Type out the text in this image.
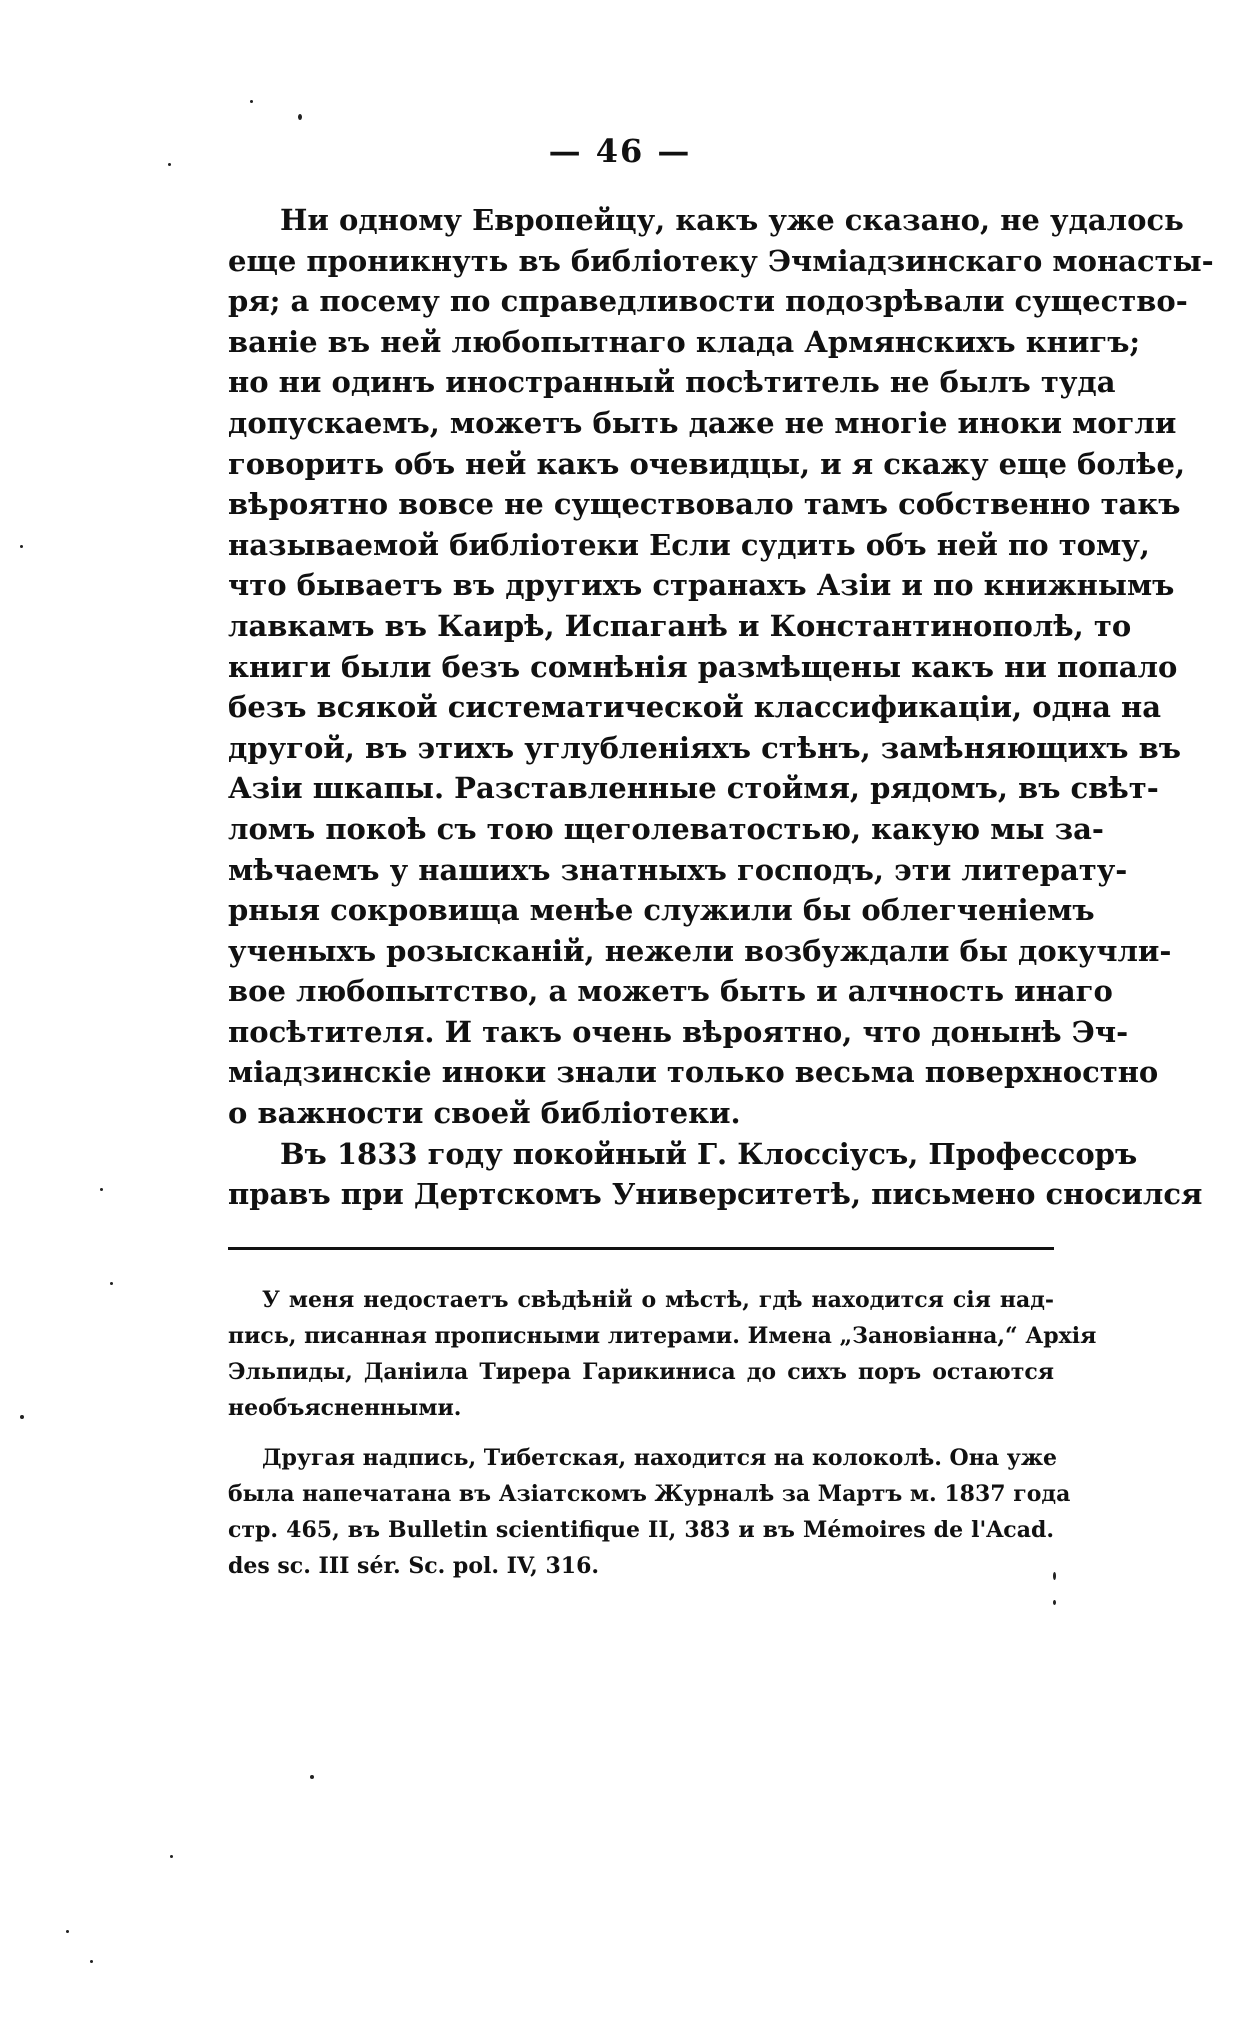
— 46 —
Ни одному Европейцу, какъ уже сказано, не удалось
еще проникнуть въ библіотеку Эчміадзинскаго монасты-
ря; а посему по справедливости подозрѣвали существо-
ваніе въ ней любопытнаго клада Армянскихъ книгъ;
но ни одинъ иностранный посѣтитель не былъ туда
допускаемъ, можетъ быть даже не многіе иноки могли
говорить объ ней какъ очевидцы, и я скажу еще болѣе,
вѣроятно вовсе не существовало тамъ собственно такъ
называемой библіотеки Если судить объ ней по тому,
что бываетъ въ другихъ странахъ Азіи и по книжнымъ
лавкамъ въ Каирѣ, Испаганѣ и Константинополѣ, то
книги были безъ сомнѣнія размѣщены какъ ни попало
безъ всякой систематической классификаціи, одна на
другой, въ этихъ углубленіяхъ стѣнъ, замѣняющихъ въ
Азіи шкапы. Разставленные стоймя, рядомъ, въ свѣт-
ломъ покоѣ съ тою щеголеватостью, какую мы за-
мѣчаемъ у нашихъ знатныхъ господъ, эти литерату-
рныя сокровища менѣе служили бы облегченіемъ
ученыхъ розысканій, нежели возбуждали бы докучли-
вое любопытство, а можетъ быть и алчность инаго
посѣтителя. И такъ очень вѣроятно, что донынѣ Эч-
міадзинскіе иноки знали только весьма поверхностно
о важности своей библіотеки.
Въ 1833 году покойный Г. Клоссіусъ, Профессоръ
правъ при Дертскомъ Университетѣ, письмено сносился
У меня недостаетъ свѣдѣній о мѣстѣ, гдѣ находится сія над-
пись, писанная прописными литерами. Имена „Зановіанна,“ Архія
Эльпиды, Даніила Тирера Гарикиниса до сихъ поръ остаются
необъясненными.
Другая надпись, Тибетская, находится на колоколѣ. Она уже
была напечатана въ Азіатскомъ Журналѣ за Мартъ м. 1837 года
стр. 465, въ Bulletin scientifique II, 383 и въ Mémoires de l'Acad.
des sc. III sér. Sc. pol. IV, 316.
